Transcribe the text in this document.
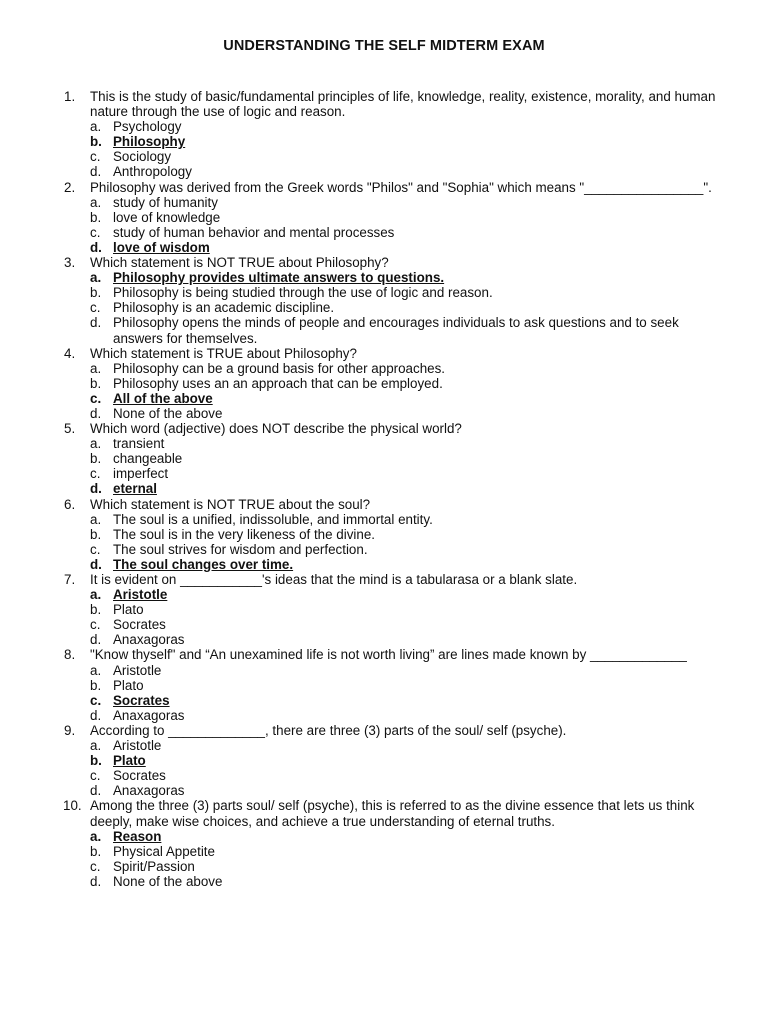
UNDERSTANDING THE SELF MIDTERM EXAM
1.	This is the study of basic/fundamental principles of life, knowledge, reality, existence, morality, and human nature through the use of logic and reason.
a. Psychology
b. Philosophy
c. Sociology
d. Anthropology
2.	Philosophy was derived from the Greek words "Philos" and "Sophia" which means "________________".
a. study of humanity
b. love of knowledge
c. study of human behavior and mental processes
d. love of wisdom
3.	Which statement is NOT TRUE about Philosophy?
a. Philosophy provides ultimate answers to questions.
b. Philosophy is being studied through the use of logic and reason.
c. Philosophy is an academic discipline.
d. Philosophy opens the minds of people and encourages individuals to ask questions and to seek answers for themselves.
4.	Which statement is TRUE about Philosophy?
a. Philosophy can be a ground basis for other approaches.
b. Philosophy uses an an approach that can be employed.
c. All of the above
d. None of the above
5.	Which word (adjective) does NOT describe the physical world?
a. transient
b. changeable
c. imperfect
d. eternal
6.	Which statement is NOT TRUE about the soul?
a. The soul is a unified, indissoluble, and immortal entity.
b. The soul is in the very likeness of the divine.
c. The soul strives for wisdom and perfection.
d. The soul changes over time.
7.	It is evident on ___________'s ideas that the mind is a tabularasa or a blank slate.
a. Aristotle
b. Plato
c. Socrates
d. Anaxagoras
8.	"Know thyself" and “An unexamined life is not worth living” are lines made known by _____________
a. Aristotle
b. Plato
c. Socrates
d. Anaxagoras
9.	According to _____________, there are three (3) parts of the soul/ self (psyche).
a. Aristotle
b. Plato
c. Socrates
d. Anaxagoras
10. Among the three (3) parts soul/ self (psyche), this is referred to as the divine essence that lets us think deeply, make wise choices, and achieve a true understanding of eternal truths.
a. Reason
b. Physical Appetite
c. Spirit/Passion
d. None of the above
